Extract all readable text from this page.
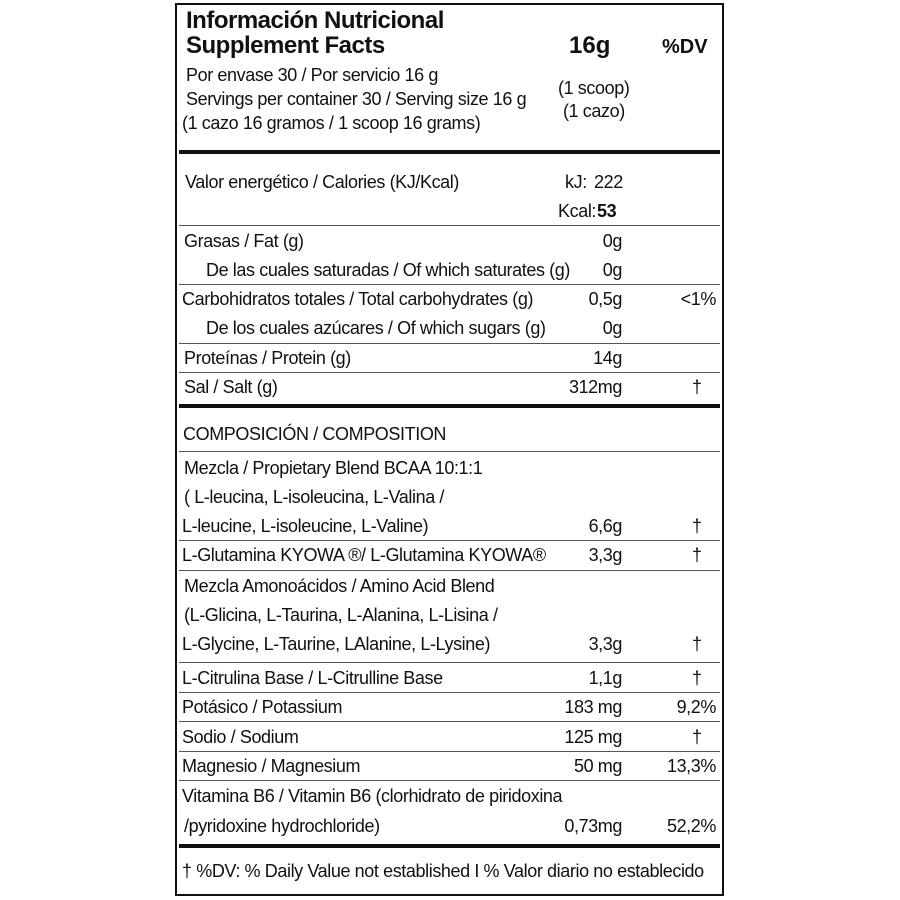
Información Nutricional
Supplement Facts	16g	%DV
Por envase 30 / Por servicio 16 g
Servings per container 30 / Serving size 16 g
(1 cazo 16 gramos / 1 scoop 16 grams)
(1 scoop)
(1 cazo)
Valor energético / Calories (KJ/Kcal)	kJ: 222
Kcal: 53
Grasas / Fat (g)	0g
De las cuales saturadas / Of which saturates (g) 0g
Carbohidratos totales / Total carbohydrates (g)	0,5g	<1%
De los cuales azúcares / Of which sugars (g)	0g
Proteínas / Protein (g)	14g
Sal / Salt (g)	312mg	†
COMPOSICIÓN / COMPOSITION
Mezcla / Propietary Blend BCAA 10:1:1
( L-leucina, L-isoleucina, L-Valina /
L-leucine, L-isoleucine, L-Valine)	6,6g	†
L-Glutamina KYOWA ®/ L-Glutamina KYOWA® 3,3g	†
Mezcla Amonoácidos / Amino Acid Blend
(L-Glicina, L-Taurina, L-Alanina, L-Lisina /
L-Glycine, L-Taurine, LAlanine, L-Lysine)	3,3g	†
L-Citrulina Base / L-Citrulline Base	1,1g	†
Potásico / Potassium	183 mg	9,2%
Sodio / Sodium	125 mg	†
Magnesio / Magnesium	50 mg 13,3%
Vitamina B6 / Vitamin B6 (clorhidrato de piridoxina
/pyridoxine hydrochloride)	0,73mg 52,2%
† %DV: % Daily Value not established I % Valor diario no establecido
